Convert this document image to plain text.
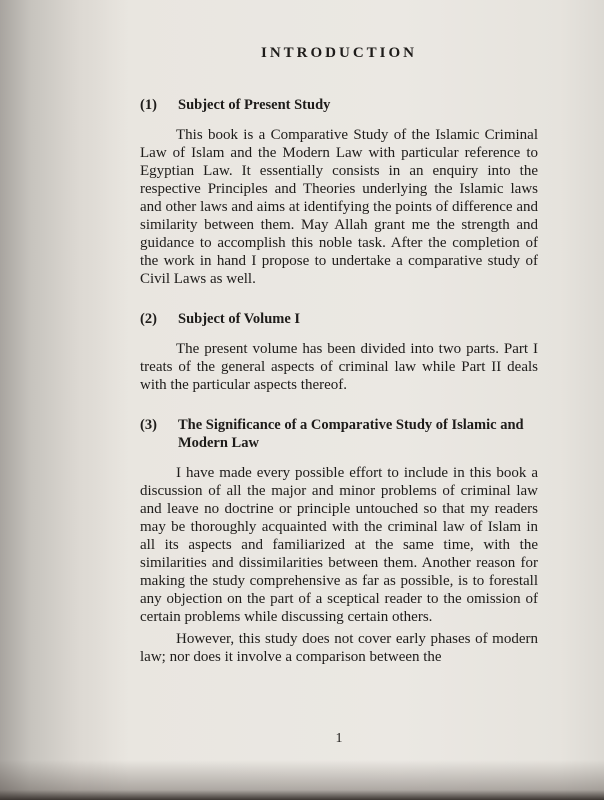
INTRODUCTION
(1)	Subject of Present Study

This book is a Comparative Study of the Islamic Criminal Law of Islam and the Modern Law with particular reference to Egyptian Law. It essentially consists in an enquiry into the respective Principles and Theories underlying the Islamic laws and other laws and aims at identifying the points of difference and similarity between them. May Allah grant me the strength and guidance to accomplish this noble task. After the completion of the work in hand I propose to undertake a comparative study of Civil Laws as well.

(2)	Subject of Volume I

The present volume has been divided into two parts. Part I treats of the general aspects of criminal law while Part II deals with the particular aspects thereof.

(3)	The Significance of a Comparative Study of Islamic and Modern Law

I have made every possible effort to include in this book a discussion of all the major and minor problems of criminal law and leave no doctrine or principle untouched so that my readers may be thoroughly acquainted with the criminal law of Islam in all its aspects and familiarized at the same time, with the similarities and dissimilarities between them. Another reason for making the study comprehensive as far as possible, is to forestall any objection on the part of a sceptical reader to the omission of certain problems while discussing certain others.

However, this study does not cover early phases of modern law; nor does it involve a comparison between the

1
